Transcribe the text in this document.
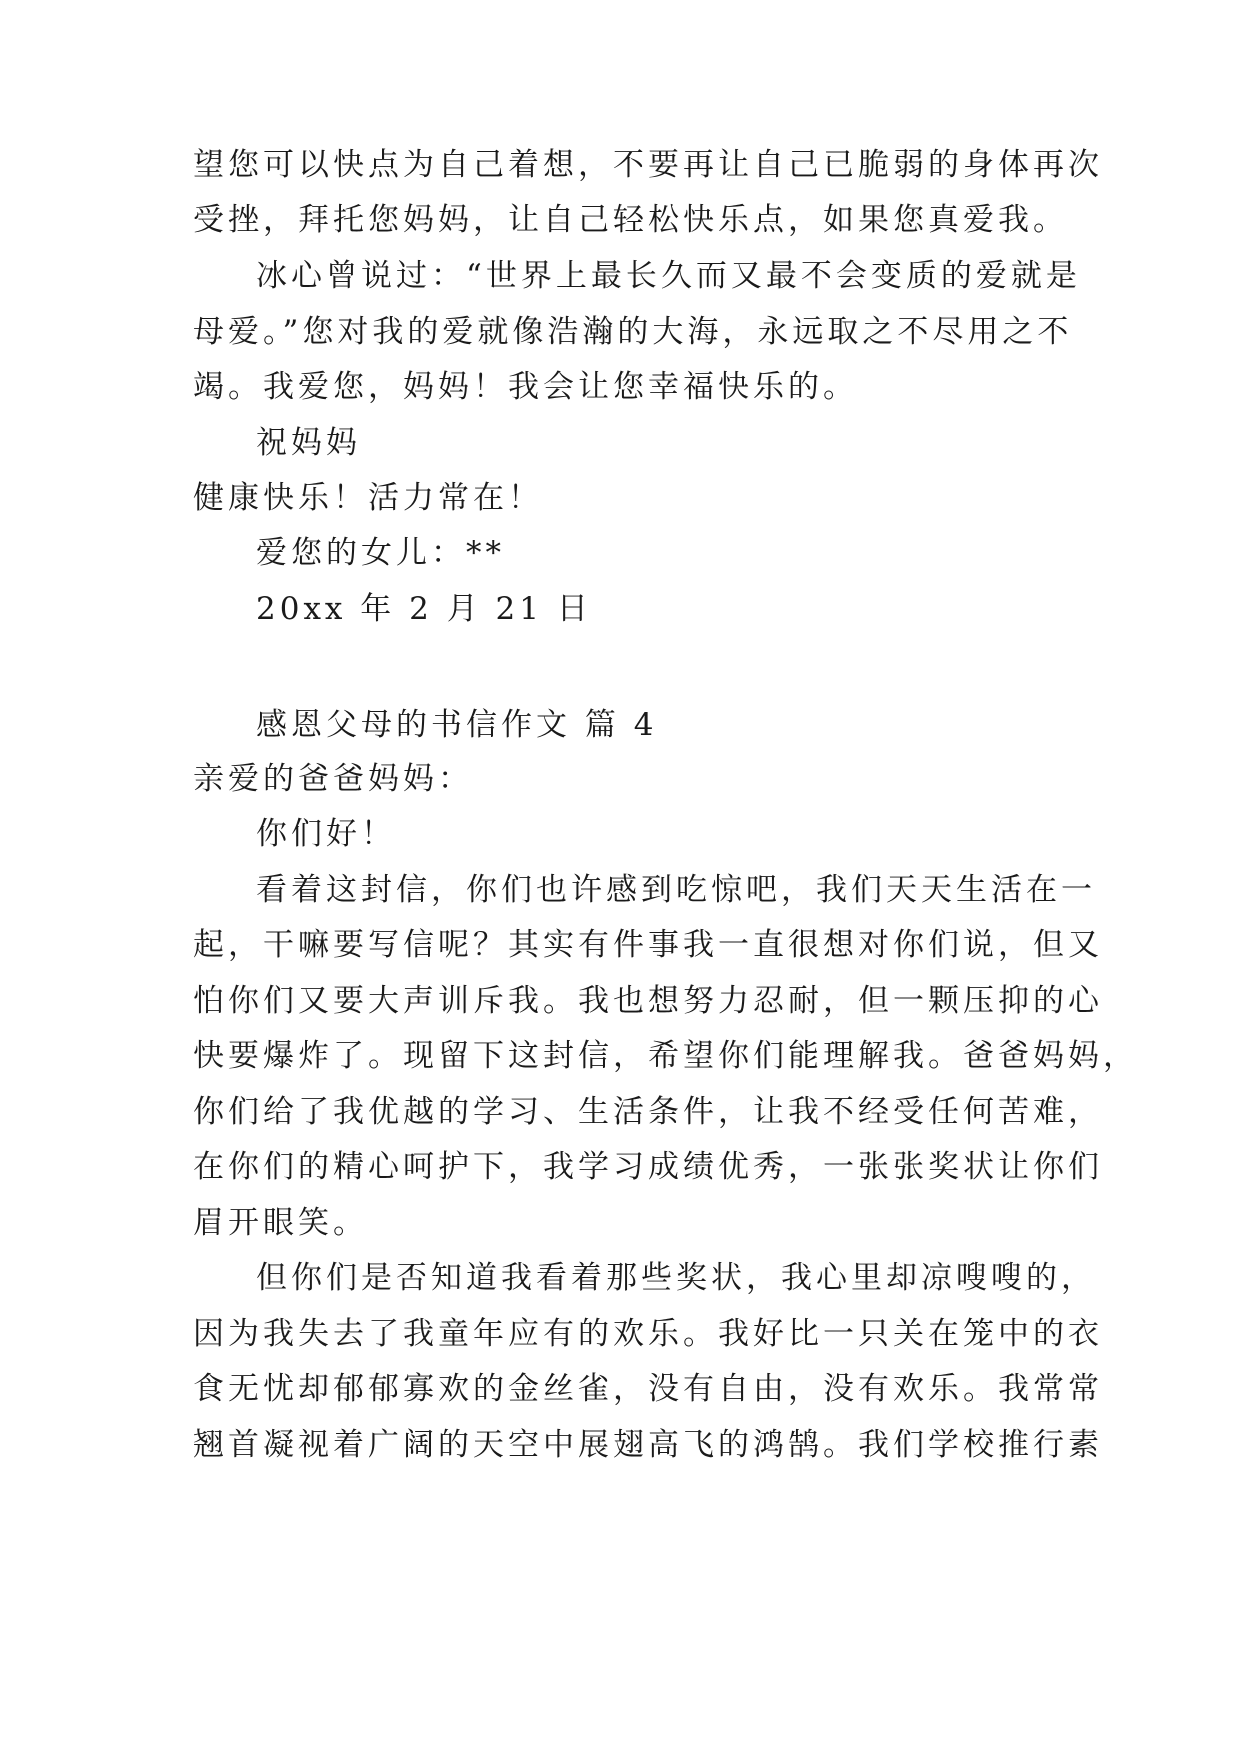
望您可以快点为自己着想，不要再让自己已脆弱的身体再次
受挫，拜托您妈妈，让自己轻松快乐点，如果您真爱我。
冰心曾说过：“世界上最长久而又最不会变质的爱就是
母爱。”您对我的爱就像浩瀚的大海，永远取之不尽用之不
竭。我爱您，妈妈！我会让您幸福快乐的。
祝妈妈
健康快乐！活力常在！
爱您的女儿：**
20xx 年 2 月 21 日
感恩父母的书信作文 篇 4
亲爱的爸爸妈妈：
你们好！
看着这封信，你们也许感到吃惊吧，我们天天生活在一
起，干嘛要写信呢？其实有件事我一直很想对你们说，但又
怕你们又要大声训斥我。我也想努力忍耐，但一颗压抑的心
快要爆炸了。现留下这封信，希望你们能理解我。爸爸妈妈，
你们给了我优越的学习、生活条件，让我不经受任何苦难，
在你们的精心呵护下，我学习成绩优秀，一张张奖状让你们
眉开眼笑。
但你们是否知道我看着那些奖状，我心里却凉嗖嗖的，
因为我失去了我童年应有的欢乐。我好比一只关在笼中的衣
食无忧却郁郁寡欢的金丝雀，没有自由，没有欢乐。我常常
翘首凝视着广阔的天空中展翅高飞的鸿鹄。我们学校推行素
